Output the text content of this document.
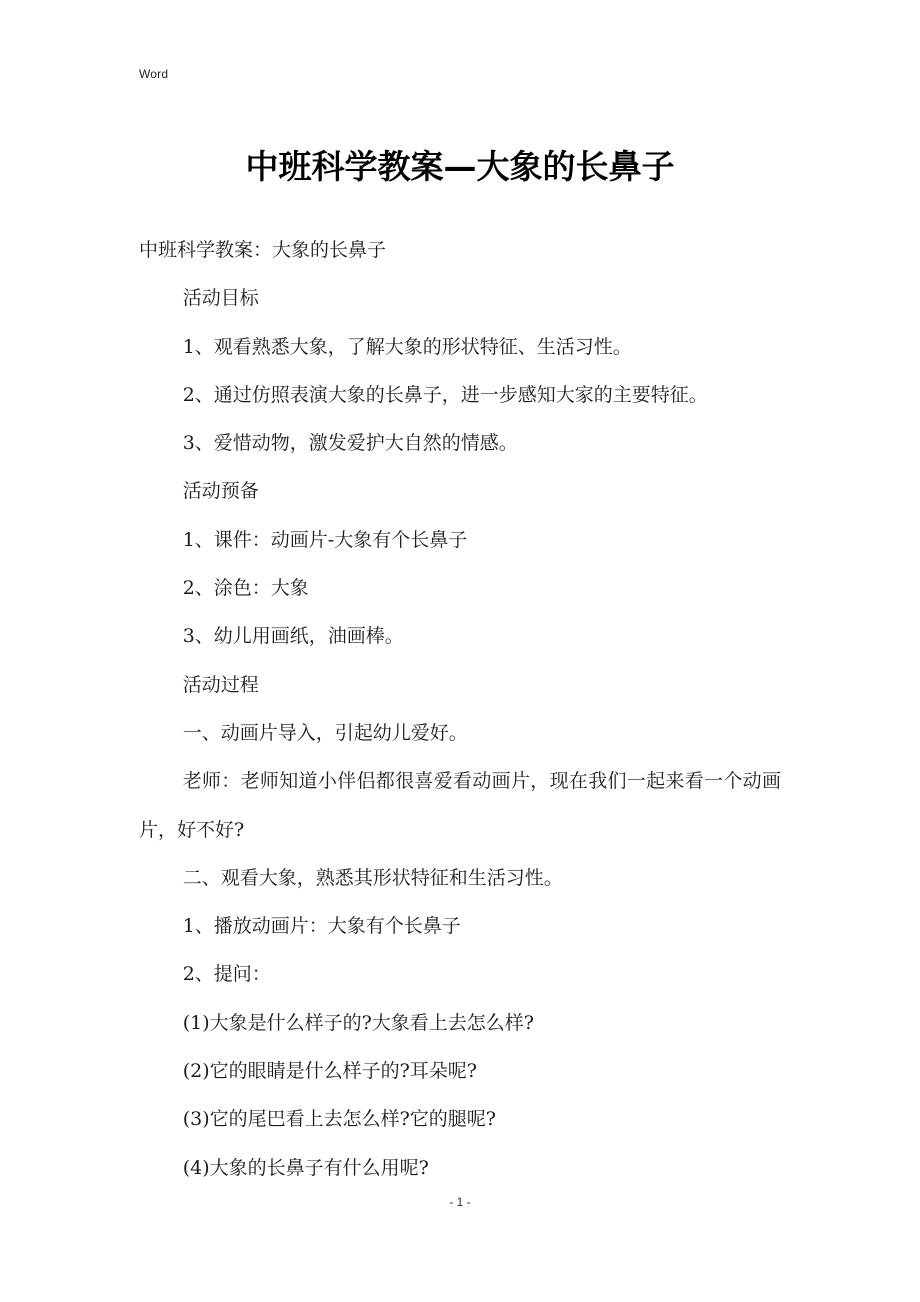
Word
中班科学教案—大象的长鼻子

中班科学教案：大象的长鼻子

活动目标

1、观看熟悉大象，了解大象的形状特征、生活习性。

2、通过仿照表演大象的长鼻子，进一步感知大家的主要特征。

3、爱惜动物，激发爱护大自然的情感。

活动预备

1、课件：动画片-大象有个长鼻子

2、涂色：大象

3、幼儿用画纸，油画棒。

活动过程

一、动画片导入，引起幼儿爱好。

老师：老师知道小伴侣都很喜爱看动画片，现在我们一起来看一个动画片，好不好?

二、观看大象，熟悉其形状特征和生活习性。

1、播放动画片：大象有个长鼻子

2、提问：

(1)大象是什么样子的?大象看上去怎么样?

(2)它的眼睛是什么样子的?耳朵呢?

(3)它的尾巴看上去怎么样?它的腿呢?

(4)大象的长鼻子有什么用呢?

- 1 -
